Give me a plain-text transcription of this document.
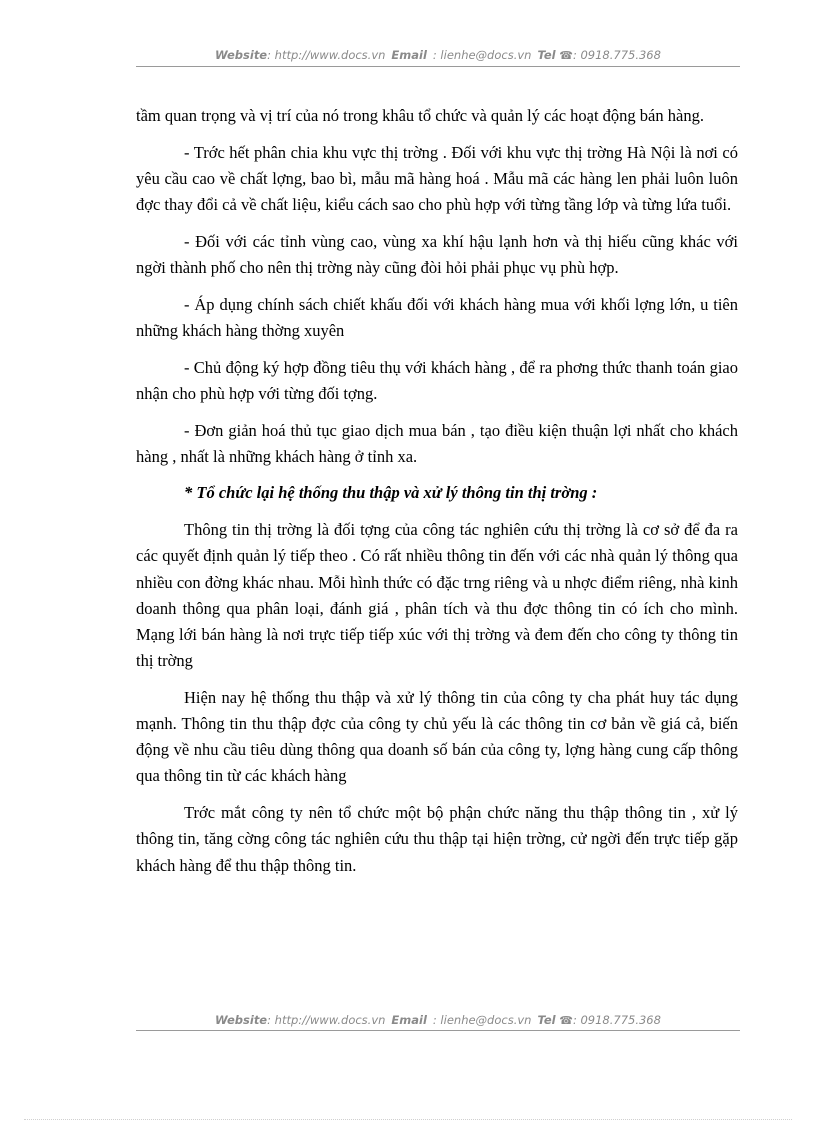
Website: http://www.docs.vn Email : lienhe@docs.vn Tel ☎: 0918.775.368

tầm quan trọng và vị trí của nó trong khâu tổ chức và quản lý các hoạt động bán hàng.

- Trớc hết phân chia khu vực thị trờng . Đối với khu vực thị trờng Hà Nội là nơi có yêu cầu cao về chất lợng, bao bì, mẫu mã hàng hoá . Mẫu mã các hàng len phải luôn luôn đợc thay đổi cả về chất liệu, kiểu cách sao cho phù hợp với từng tầng lớp và từng lứa tuổi.

- Đối với các tỉnh vùng cao, vùng xa khí hậu lạnh hơn và thị hiếu cũng khác với ngời thành phố cho nên thị trờng này cũng đòi hỏi phải phục vụ phù hợp.

- Áp dụng chính sách chiết khấu đối với khách hàng mua với khối lợng lớn, u tiên những khách hàng thờng xuyên

- Chủ động ký hợp đồng tiêu thụ với khách hàng , để ra phơng thức thanh toán giao nhận cho phù hợp với từng đối tợng.

- Đơn giản hoá thủ tục giao dịch mua bán , tạo điều kiện thuận lợi nhất cho khách hàng , nhất là những khách hàng ở tỉnh xa.

* Tổ chức lại hệ thống thu thập và xử lý thông tin thị trờng :

Thông tin thị trờng là đối tợng của công tác nghiên cứu thị trờng là cơ sở để đa ra các quyết định quản lý tiếp theo . Có rất nhiều thông tin đến với các nhà quản lý thông qua nhiều con đờng khác nhau. Mỗi hình thức có đặc trng riêng và u nhợc điểm riêng, nhà kinh doanh thông qua phân loại, đánh giá , phân tích và thu đợc thông tin có ích cho mình. Mạng lới bán hàng là nơi trực tiếp tiếp xúc với thị trờng và đem đến cho công ty thông tin thị trờng

Hiện nay hệ thống thu thập và xử lý thông tin của công ty cha phát huy tác dụng mạnh. Thông tin thu thập đợc của công ty chủ yếu là các thông tin cơ bản về giá cả, biến động về nhu cầu tiêu dùng thông qua doanh số bán của công ty, lợng hàng cung cấp thông qua thông tin từ các khách hàng

Trớc mắt công ty nên tổ chức một bộ phận chức năng thu thập thông tin , xử lý thông tin, tăng cờng công tác nghiên cứu thu thập tại hiện trờng, cử ngời đến trực tiếp gặp khách hàng để thu thập thông tin.

Website: http://www.docs.vn Email : lienhe@docs.vn Tel ☎: 0918.775.368
